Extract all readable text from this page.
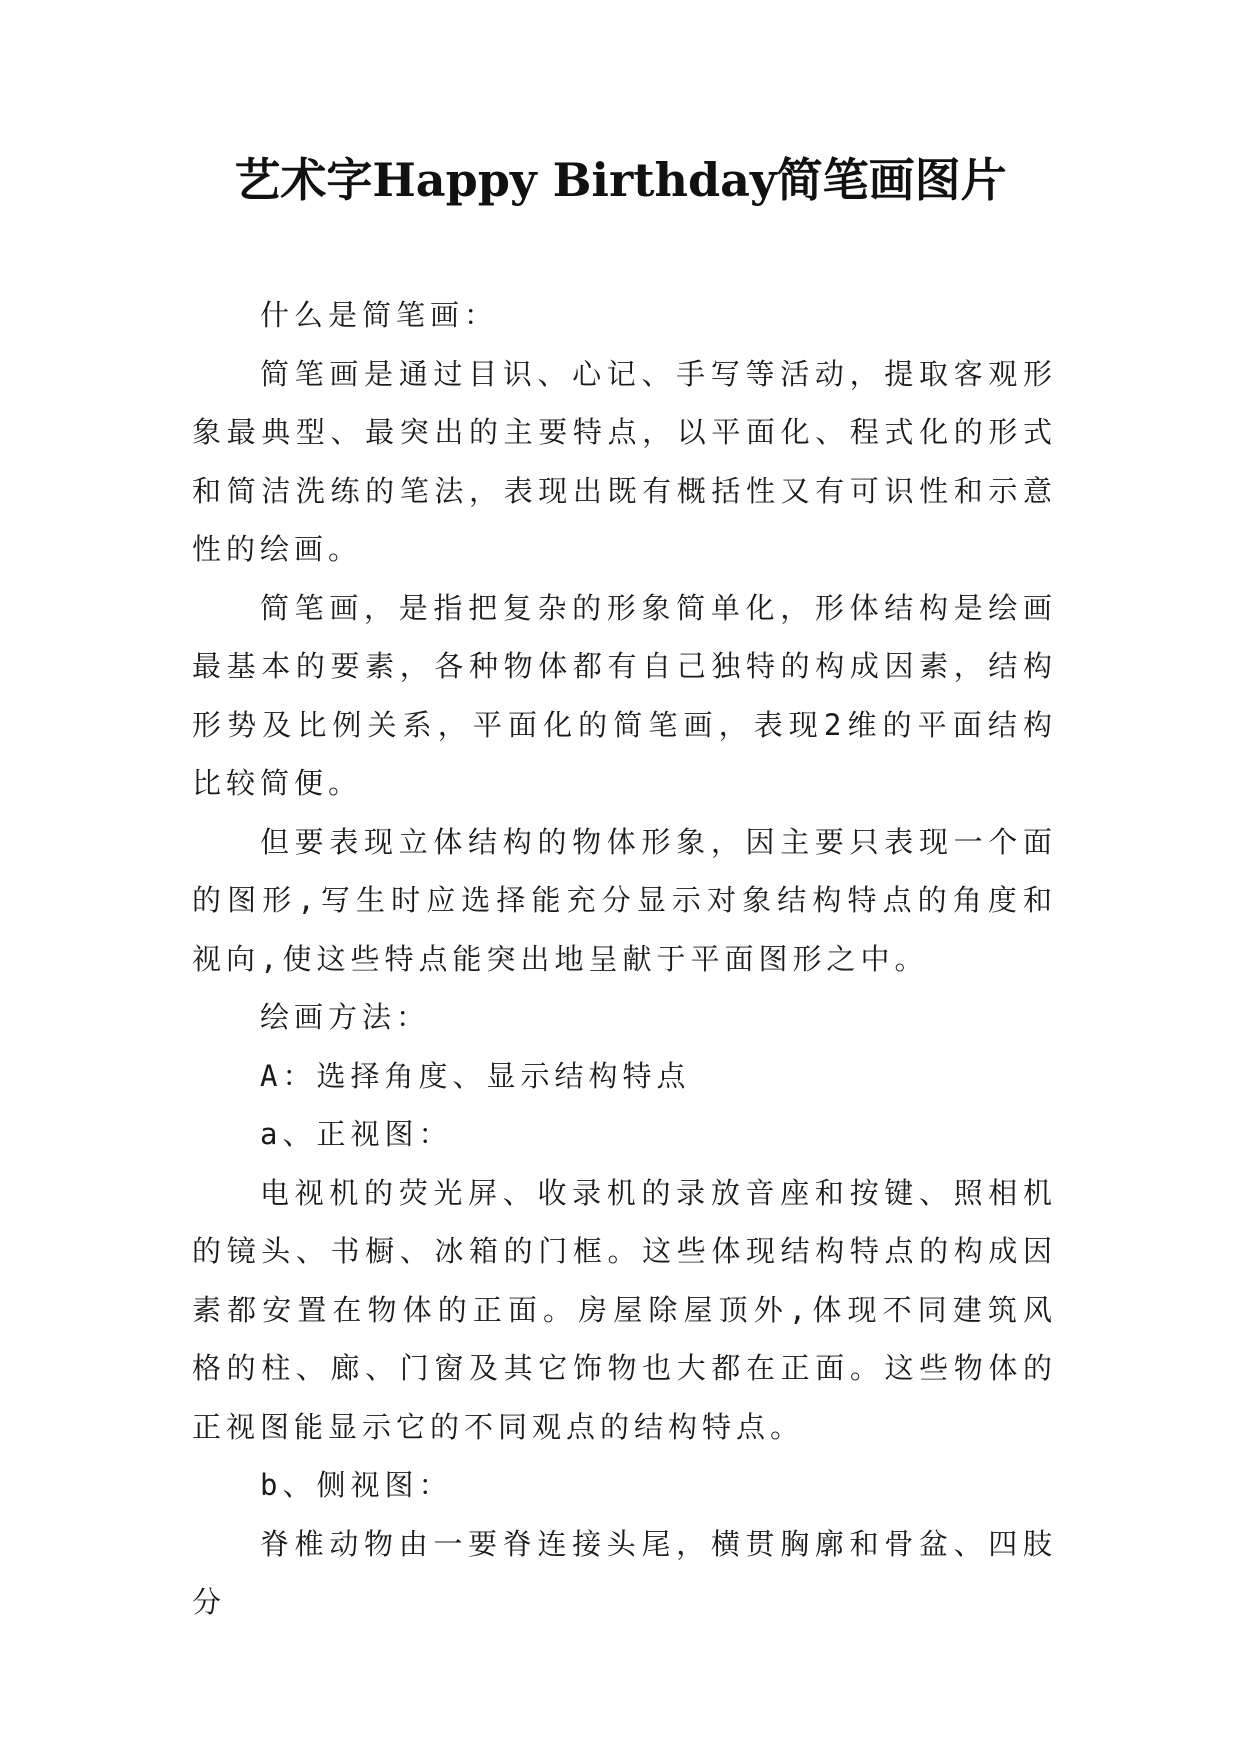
艺术字Happy Birthday简笔画图片

什么是简笔画：

简笔画是通过目识、心记、手写等活动，提取客观形象最典型、最突出的主要特点，以平面化、程式化的形式和简洁洗练的笔法，表现出既有概括性又有可识性和示意性的绘画。

简笔画，是指把复杂的形象简单化，形体结构是绘画最基本的要素，各种物体都有自己独特的构成因素，结构形势及比例关系，平面化的简笔画，表现2维的平面结构比较简便。

但要表现立体结构的物体形象，因主要只表现一个面的图形,写生时应选择能充分显示对象结构特点的角度和视向,使这些特点能突出地呈献于平面图形之中。

绘画方法：

A：选择角度、显示结构特点

a、正视图：

电视机的荧光屏、收录机的录放音座和按键、照相机的镜头、书橱、冰箱的门框。这些体现结构特点的构成因素都安置在物体的正面。房屋除屋顶外,体现不同建筑风格的柱、廊、门窗及其它饰物也大都在正面。这些物体的正视图能显示它的不同观点的结构特点。

b、侧视图：

脊椎动物由一要脊连接头尾，横贯胸廓和骨盆、四肢分
